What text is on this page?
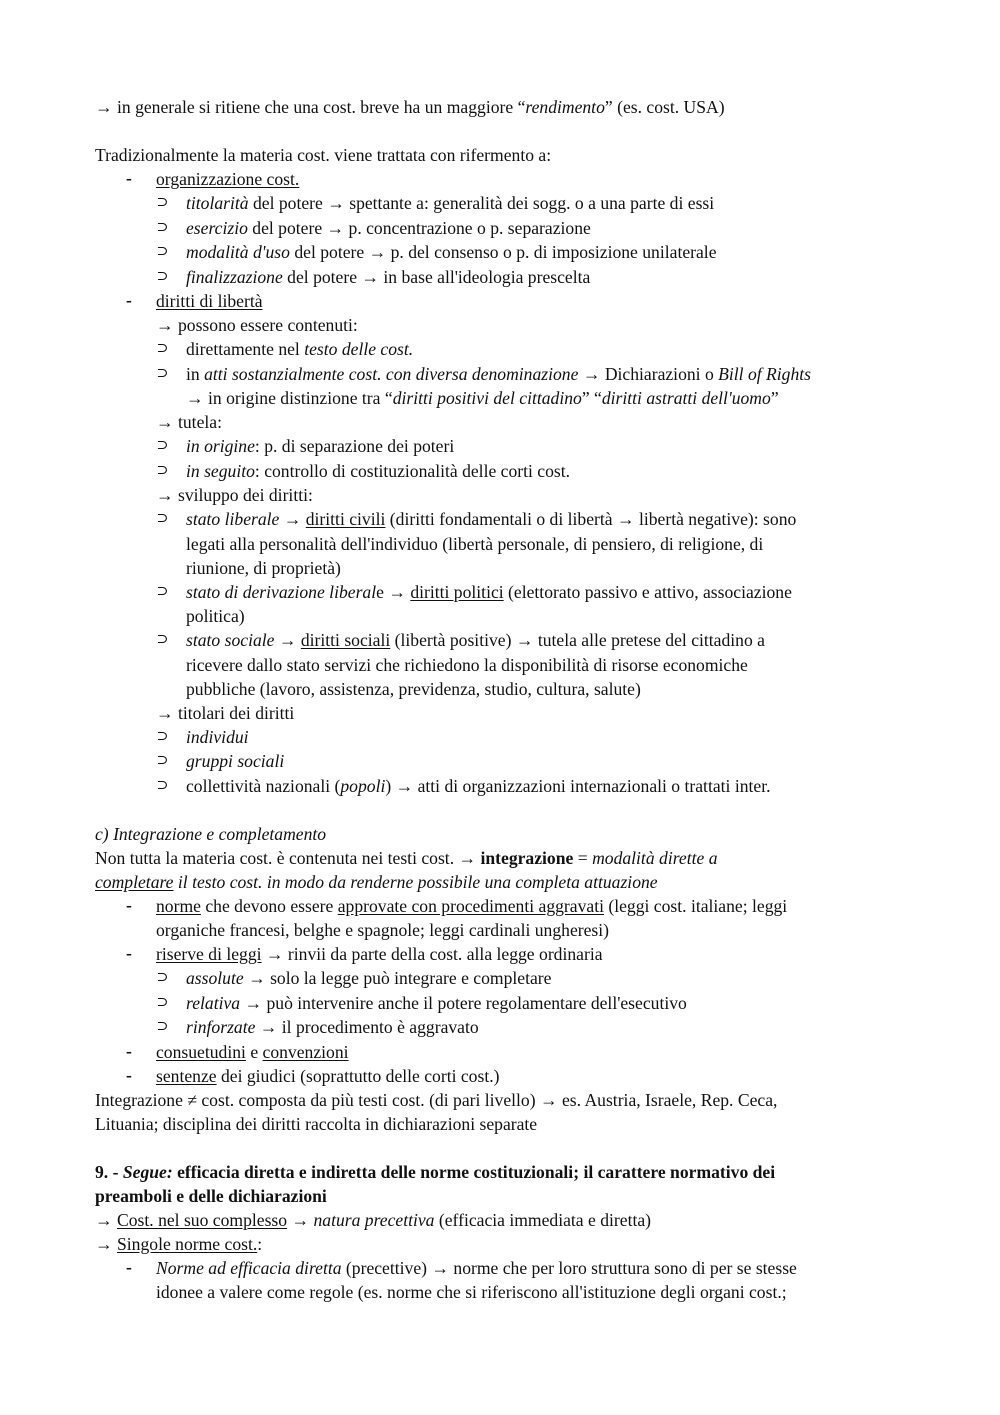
→ in generale si ritiene che una cost. breve ha un maggiore “rendimento” (es. cost. USA)
Tradizionalmente la materia cost. viene trattata con rifermento a:
- organizzazione cost.
⊃ titolarità del potere → spettante a: generalità dei sogg. o a una parte di essi
⊃ esercizio del potere → p. concentrazione o p. separazione
⊃ modalità d'uso del potere → p. del consenso o p. di imposizione unilaterale
⊃ finalizzazione del potere → in base all'ideologia prescelta
- diritti di libertà
→ possono essere contenuti:
⊃ direttamente nel testo delle cost.
⊃ in atti sostanzialmente cost. con diversa denominazione → Dichiarazioni o Bill of Rights
→ in origine distinzione tra “diritti positivi del cittadino” “diritti astratti dell'uomo”
→ tutela:
⊃ in origine: p. di separazione dei poteri
⊃ in seguito: controllo di costituzionalità delle corti cost.
→ sviluppo dei diritti:
⊃ stato liberale → diritti civili (diritti fondamentali o di libertà → libertà negative): sono
legati alla personalità dell'individuo (libertà personale, di pensiero, di religione, di
riunione, di proprietà)
⊃ stato di derivazione liberale → diritti politici (elettorato passivo e attivo, associazione
politica)
⊃ stato sociale → diritti sociali (libertà positive) → tutela alle pretese del cittadino a
ricevere dallo stato servizi che richiedono la disponibilità di risorse economiche
pubbliche (lavoro, assistenza, previdenza, studio, cultura, salute)
→ titolari dei diritti
⊃ individui
⊃ gruppi sociali
⊃ collettività nazionali (popoli) → atti di organizzazioni internazionali o trattati inter.
c) Integrazione e completamento
Non tutta la materia cost. è contenuta nei testi cost. → integrazione = modalità dirette a
completare il testo cost. in modo da renderne possibile una completa attuazione
- norme che devono essere approvate con procedimenti aggravati (leggi cost. italiane; leggi
organiche francesi, belghe e spagnole; leggi cardinali ungheresi)
- riserve di leggi → rinvii da parte della cost. alla legge ordinaria
⊃ assolute → solo la legge può integrare e completare
⊃ relativa → può intervenire anche il potere regolamentare dell'esecutivo
⊃ rinforzate → il procedimento è aggravato
- consuetudini e convenzioni
- sentenze dei giudici (soprattutto delle corti cost.)
Integrazione ≠ cost. composta da più testi cost. (di pari livello) → es. Austria, Israele, Rep. Ceca,
Lituania; disciplina dei diritti raccolta in dichiarazioni separate
9. - Segue: efficacia diretta e indiretta delle norme costituzionali; il carattere normativo dei
preamboli e delle dichiarazioni
→ Cost. nel suo complesso → natura precettiva (efficacia immediata e diretta)
→ Singole norme cost.:
- Norme ad efficacia diretta (precettive) → norme che per loro struttura sono di per se stesse
idonee a valere come regole (es. norme che si riferiscono all'istituzione degli organi cost.;
